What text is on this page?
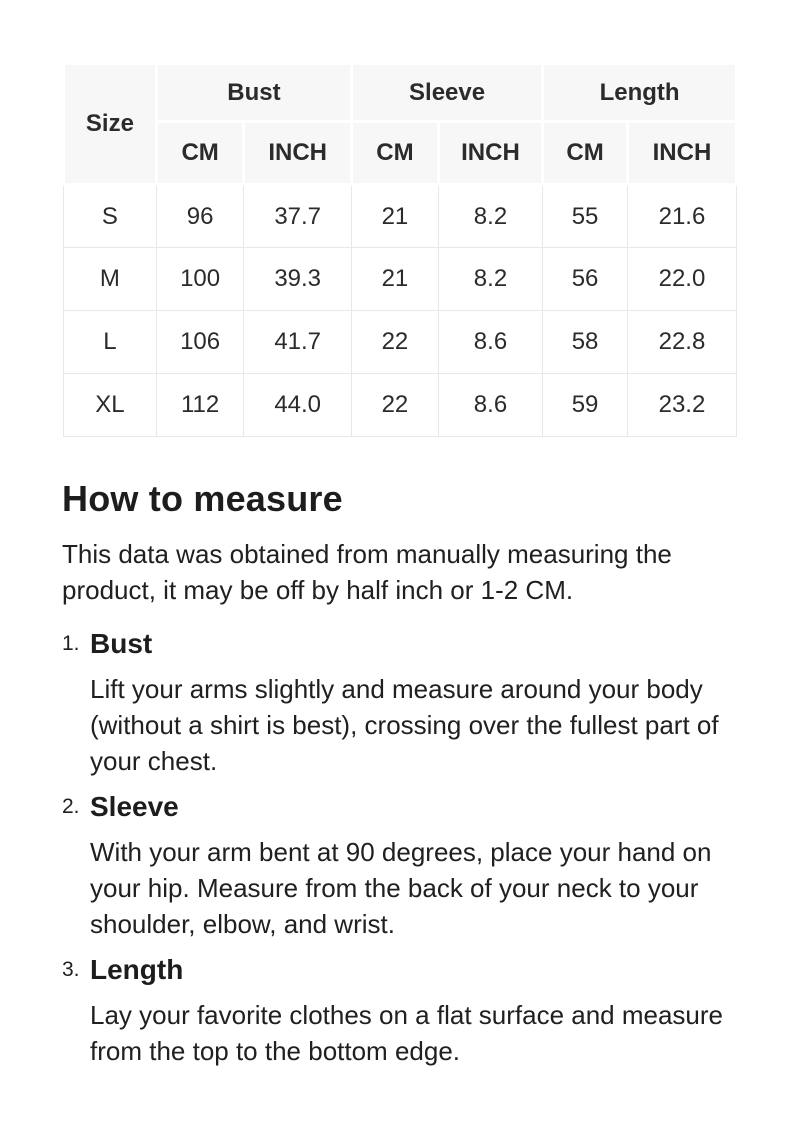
Size	Bust		Sleeve		Length	
	CM	INCH	CM	INCH	CM	INCH
S	96	37.7	21	8.2	55	21.6
M	100	39.3	21	8.2	56	22.0
L	106	41.7	22	8.6	58	22.8
XL	112	44.0	22	8.6	59	23.2
How to measure

This data was obtained from manually measuring the product, it may be off by half inch or 1-2 CM.

1. Bust
Lift your arms slightly and measure around your body (without a shirt is best), crossing over the fullest part of your chest.
2. Sleeve
With your arm bent at 90 degrees, place your hand on your hip. Measure from the back of your neck to your shoulder, elbow, and wrist.
3. Length
Lay your favorite clothes on a flat surface and measure from the top to the bottom edge.
